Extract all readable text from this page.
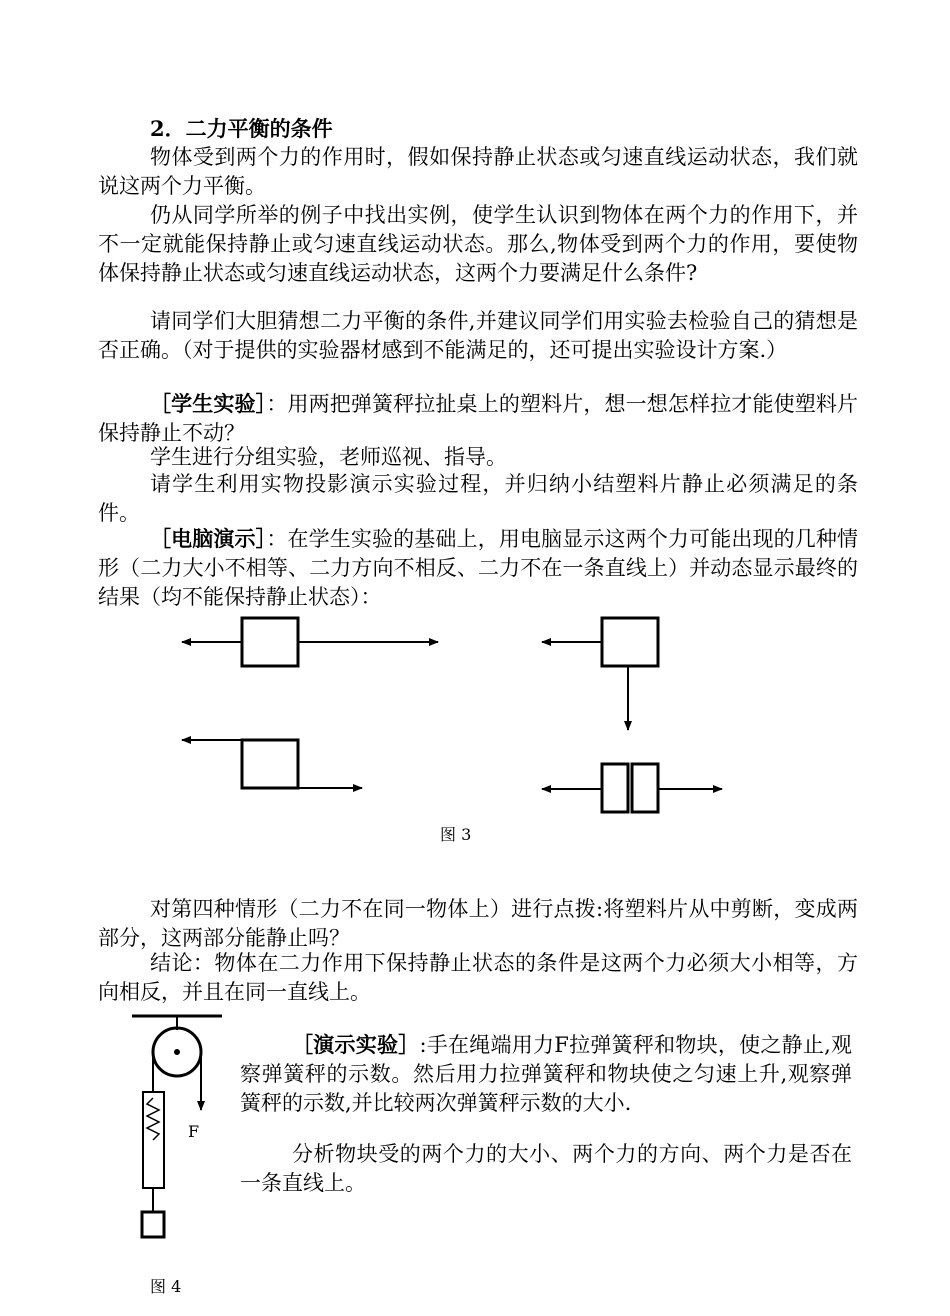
2．二力平衡的条件

物体受到两个力的作用时，假如保持静止状态或匀速直线运动状态，我们就说这两个力平衡。

仍从同学所举的例子中找出实例，使学生认识到物体在两个力的作用下，并不一定就能保持静止或匀速直线运动状态。那么,物体受到两个力的作用，要使物体保持静止状态或匀速直线运动状态，这两个力要满足什么条件?

请同学们大胆猜想二力平衡的条件,并建议同学们用实验去检验自己的猜想是否正确。（对于提供的实验器材感到不能满足的，还可提出实验设计方案.）

［学生实验］：用两把弹簧秤拉扯桌上的塑料片，想一想怎样拉才能使塑料片保持静止不动？

学生进行分组实验，老师巡视、指导。

请学生利用实物投影演示实验过程，并归纳小结塑料片静止必须满足的条件。

［电脑演示］：在学生实验的基础上，用电脑显示这两个力可能出现的几种情形（二力大小不相等、二力方向不相反、二力不在一条直线上）并动态显示最终的结果（均不能保持静止状态）：

图 3

对第四种情形（二力不在同一物体上）进行点拨:将塑料片从中剪断，变成两部分，这两部分能静止吗？

结论：物体在二力作用下保持静止状态的条件是这两个力必须大小相等，方向相反，并且在同一直线上。

F

［演示实验］:手在绳端用力F拉弹簧秤和物块，使之静止,观察弹簧秤的示数。然后用力拉弹簧秤和物块使之匀速上升,观察弹簧秤的示数,并比较两次弹簧秤示数的大小.

分析物块受的两个力的大小、两个力的方向、两个力是否在一条直线上。

图 4
